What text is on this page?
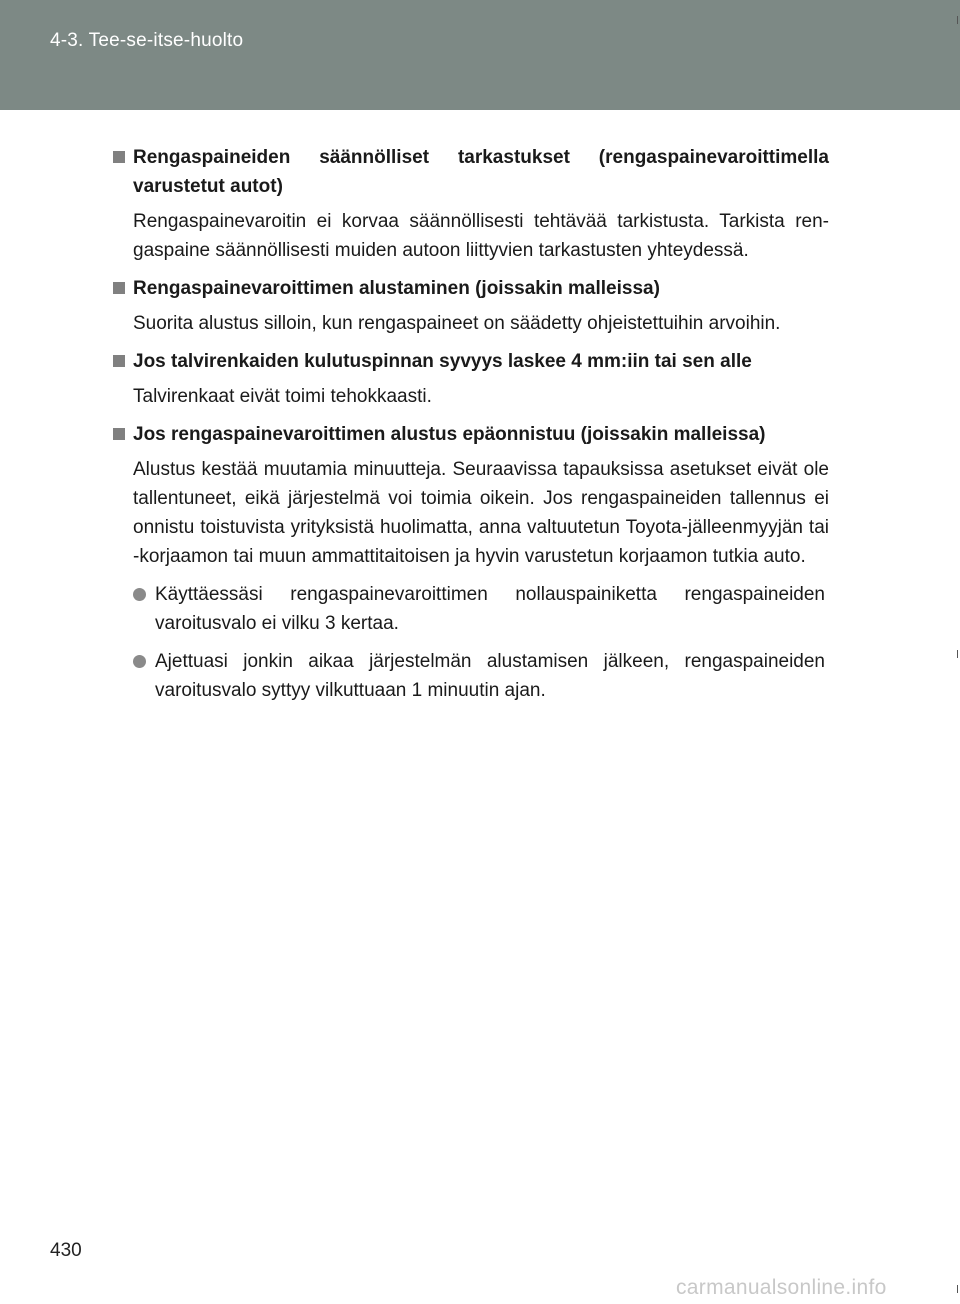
4-3. Tee-se-itse-huolto
Rengaspaineiden säännölliset tarkastukset (rengaspainevaroittimella varustetut autot)
Rengaspainevaroitin ei korvaa säännöllisesti tehtävää tarkistusta. Tarkista ren-gaspaine säännöllisesti muiden autoon liittyvien tarkastusten yhteydessä.
Rengaspainevaroittimen alustaminen (joissakin malleissa)
Suorita alustus silloin, kun rengaspaineet on säädetty ohjeistettuihin arvoihin.
Jos talvirenkaiden kulutuspinnan syvyys laskee 4 mm:iin tai sen alle
Talvirenkaat eivät toimi tehokkaasti.
Jos rengaspainevaroittimen alustus epäonnistuu (joissakin malleissa)
Alustus kestää muutamia minuutteja. Seuraavissa tapauksissa asetukset eivät ole tallentuneet, eikä järjestelmä voi toimia oikein. Jos rengaspaineiden tallennus ei onnistu toistuvista yrityksistä huolimatta, anna valtuutetun Toyota-jälleenmyyjän tai -korjaamon tai muun ammattitaitoisen ja hyvin varustetun korjaamon tutkia auto.
Käyttäessäsi rengaspainevaroittimen nollauspainiketta rengaspaineiden varoitusvalo ei vilku 3 kertaa.
Ajettuasi jonkin aikaa järjestelmän alustamisen jälkeen, rengaspaineiden varoitusvalo syttyy vilkuttuaan 1 minuutin ajan.
430
carmanualsonline.info
